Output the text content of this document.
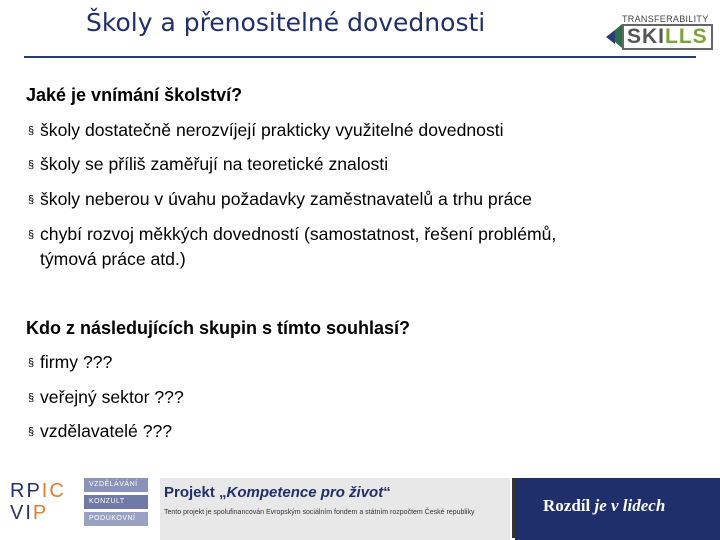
Školy a přenositelné dovednosti	TRANSFERABILITY
SKILLS
Jaké je vnímání školství?
§ školy dostatečně nerozvíjejí prakticky využitelné dovednosti
§ školy se příliš zaměřují na teoretické znalosti
§ školy neberou v úvahu požadavky zaměstnavatelů a trhu práce
§ chybí rozvoj měkkých dovedností (samostatnost, řešení problémů,
týmová práce atd.)
Kdo z následujících skupin s tímto souhlasí?
§ firmy ???
§ veřejný sektor ???
§ vzdělavatelé ???
RPIC
VIP
VZDĚLÁVÁNÍ
KONZULT
PODUKOVNÍ
Projekt „Kompetence pro život“
Tento projekt je spolufinancován Evropským sociálním fondem a státním rozpočtem České republiky	Rozdíl je v lidech
